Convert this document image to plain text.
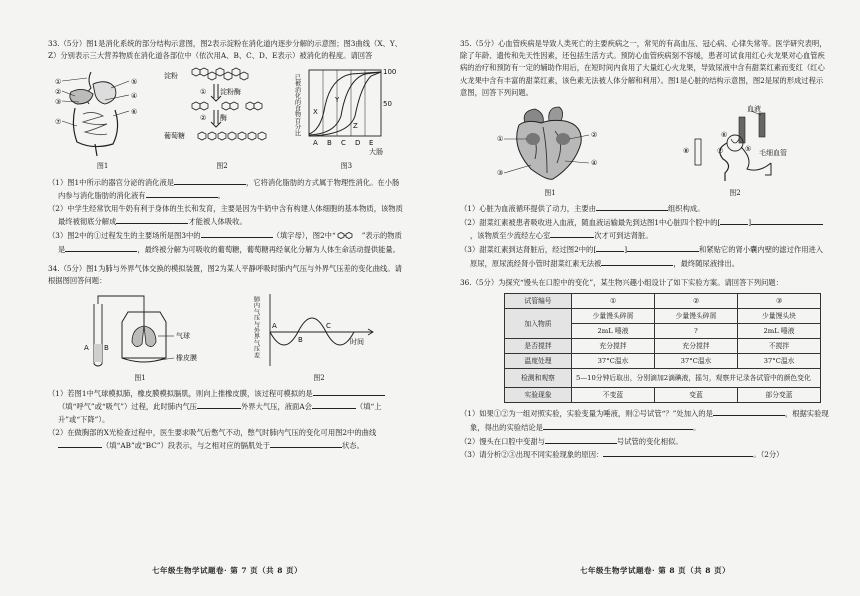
33.（5分）图1是消化系统的部分结构示意图，图2表示淀粉在消化道内逐步分解的示意图；图3曲线（X、Y、Z）分别表示三大营养物质在消化道各部位中（依次用A、B、C、D、E表示）被消化的程度。请回答

①
②
③
⑤
④
⑥
⑦
图1
淀粉
葡萄糖
淀粉酶
酶
①
②
图2
已被消化的食物百分比
100
50
X
Y
Z
A B C D E
大肠
图3

（1）图1中所示的器官分泌的消化液是	，它将消化脂肪的方式属于物理性消化。在小肠内参与消化脂肪的消化液有	。

（2）中学生经常饮用牛奶有利于身体的生长和发育，主要是因为牛奶中含有构建人体细胞的基本物质，该物质最终被彻底分解成	才能被人体吸收。

（3）图2中的①过程发生的主要场所是图3中的	（填字母），图2中“	”表示的物质是	，最终被分解为可吸收的葡萄糖，葡萄糖再经氧化分解为人体生命活动提供能量。

34.（5分）图1为肺与外界气体交换的模拟装置，图2为某人平静呼吸时肺内气压与外界气压差的变化曲线。请根据图回答问题：

A B
气球
橡皮膜
图1
肺内气压与外界气压差 A
B
C
时间
图2

（1）若图1中气球模拟肺，橡皮膜模拟膈肌，则向上推橡皮膜，该过程可模拟的是（填“呼气”或“吸气”）过程，此时肺内气压	外界大气压，液面A会	（填“上升”或“下降”）。

（2）在做胸部的X光检查过程中，医生要求吸气后憋气不动，憋气时肺内气压的变化可用图2中的曲线（填“AB”或“BC”）段表示，与之相对应的膈肌处于	状态。

七年级生物学试题卷· 第 7 页（共 8 页）

35.（5分）心血管疾病是导致人类死亡的主要疾病之一，常见的有高血压、冠心病、心律失常等。医学研究表明，除了年龄、遗传和先天性因素，还包括生活方式。预防心血管疾病刻不容缓，患者可试食用红心火龙果对心血管疾病的治疗和预防有一定的辅助作用后，在短时间内食用了大量红心火龙果，导致尿液中含有甜菜红素而变红（红心火龙果中含有丰富的甜菜红素，该色素无法被人体分解和利用）。图1是心脏的结构示意图，图2是尿的形成过程示意图，回答下列问题。

①	②
③
④
图1
血液
毛细血管
⑤
⑥
⑦
⑧
图2

（1）心脏为血液循环提供了动力，主要由	组织构成。

（2）甜菜红素被患者吸收进入血液，随血液运输最先到达图1中心脏四个腔中的[	]，该物质至少流经左心室	次才可到达肾脏。

（3）甜菜红素到达肾脏后，经过图2中的[	]	和紧贴它的肾小囊内壁的滤过作用进入原尿，原尿流经肾小管时甜菜红素无法被	，最终随尿液排出。

36.（5分）为探究“馒头在口腔中的变化”，某生物兴趣小组设计了如下实验方案。请回答下列问题：

试管编号	①	②	③
加入物质	少量馒头碎屑	少量馒头碎屑	少量馒头块
	2mL 唾液	?	2mL 唾液
是否搅拌	充分搅拌	充分搅拌	不搅拌
温度处理	37°C温水	37°C温水	37°C温水
检测和观察	5—10分钟后取出，分别滴加2滴碘液，摇匀，观察并记录各试管中的颜色变化		
实验现象	不变蓝	变蓝	部分变蓝

（1）如果①②为一组对照实验，实验变量为唾液，则②号试管“？”处加入的是	，根据实验现象，得出的实验结论是	。

（2）馒头在口腔中变甜与	号试管的变化相似。

（3）请分析②③出现不同实验现象的原因：	。（2分）

七年级生物学试题卷· 第 8 页（共 8 页）
